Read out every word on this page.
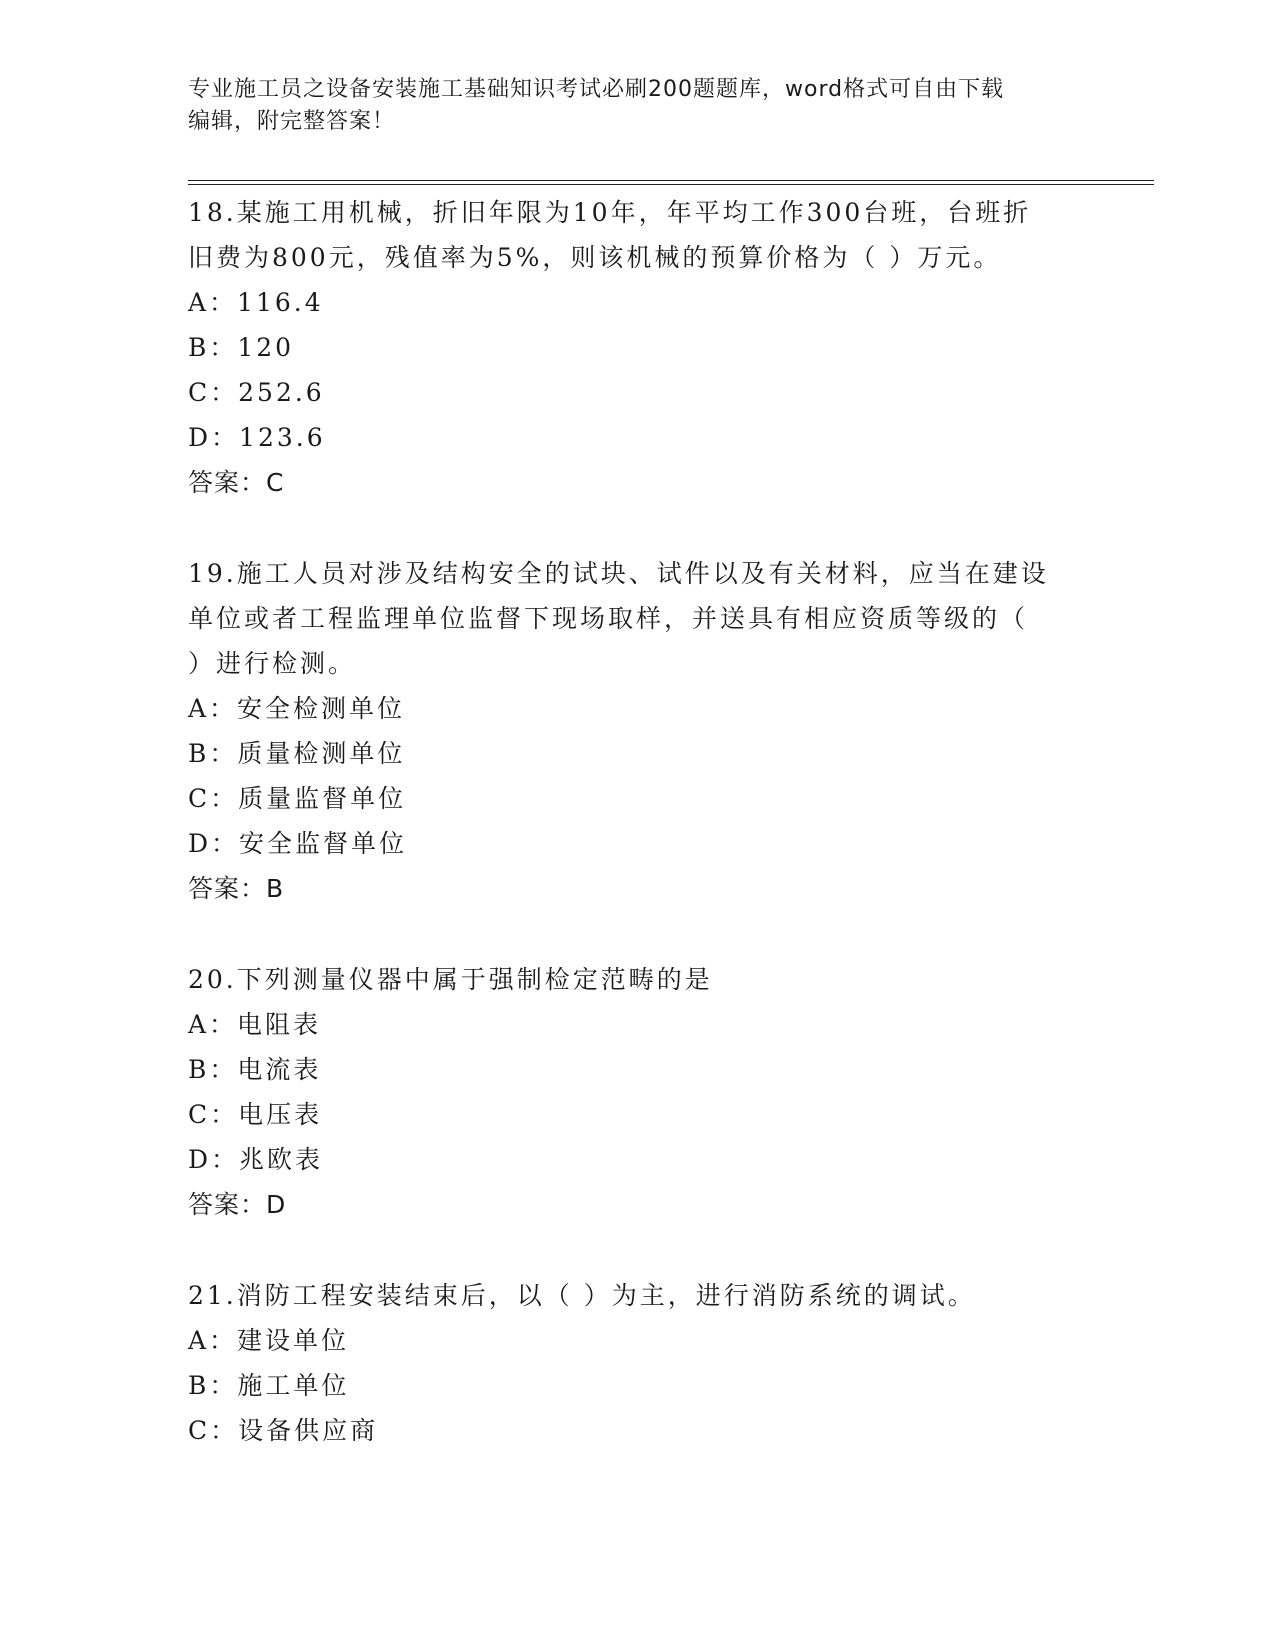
专业施工员之设备安装施工基础知识考试必刷200题题库，word格式可自由下载
编辑，附完整答案！
18.某施工用机械，折旧年限为10年，年平均工作300台班，台班折
旧费为800元，残值率为5%，则该机械的预算价格为（ ）万元。
A：116.4
B：120
C：252.6
D：123.6
答案：C
19.施工人员对涉及结构安全的试块、试件以及有关材料，应当在建设
单位或者工程监理单位监督下现场取样，并送具有相应资质等级的（
）进行检测。
A：安全检测单位
B：质量检测单位
C：质量监督单位
D：安全监督单位
答案：B
20.下列测量仪器中属于强制检定范畴的是
A：电阻表
B：电流表
C：电压表
D：兆欧表
答案：D
21.消防工程安装结束后，以（ ）为主，进行消防系统的调试。
A：建设单位
B：施工单位
C：设备供应商
